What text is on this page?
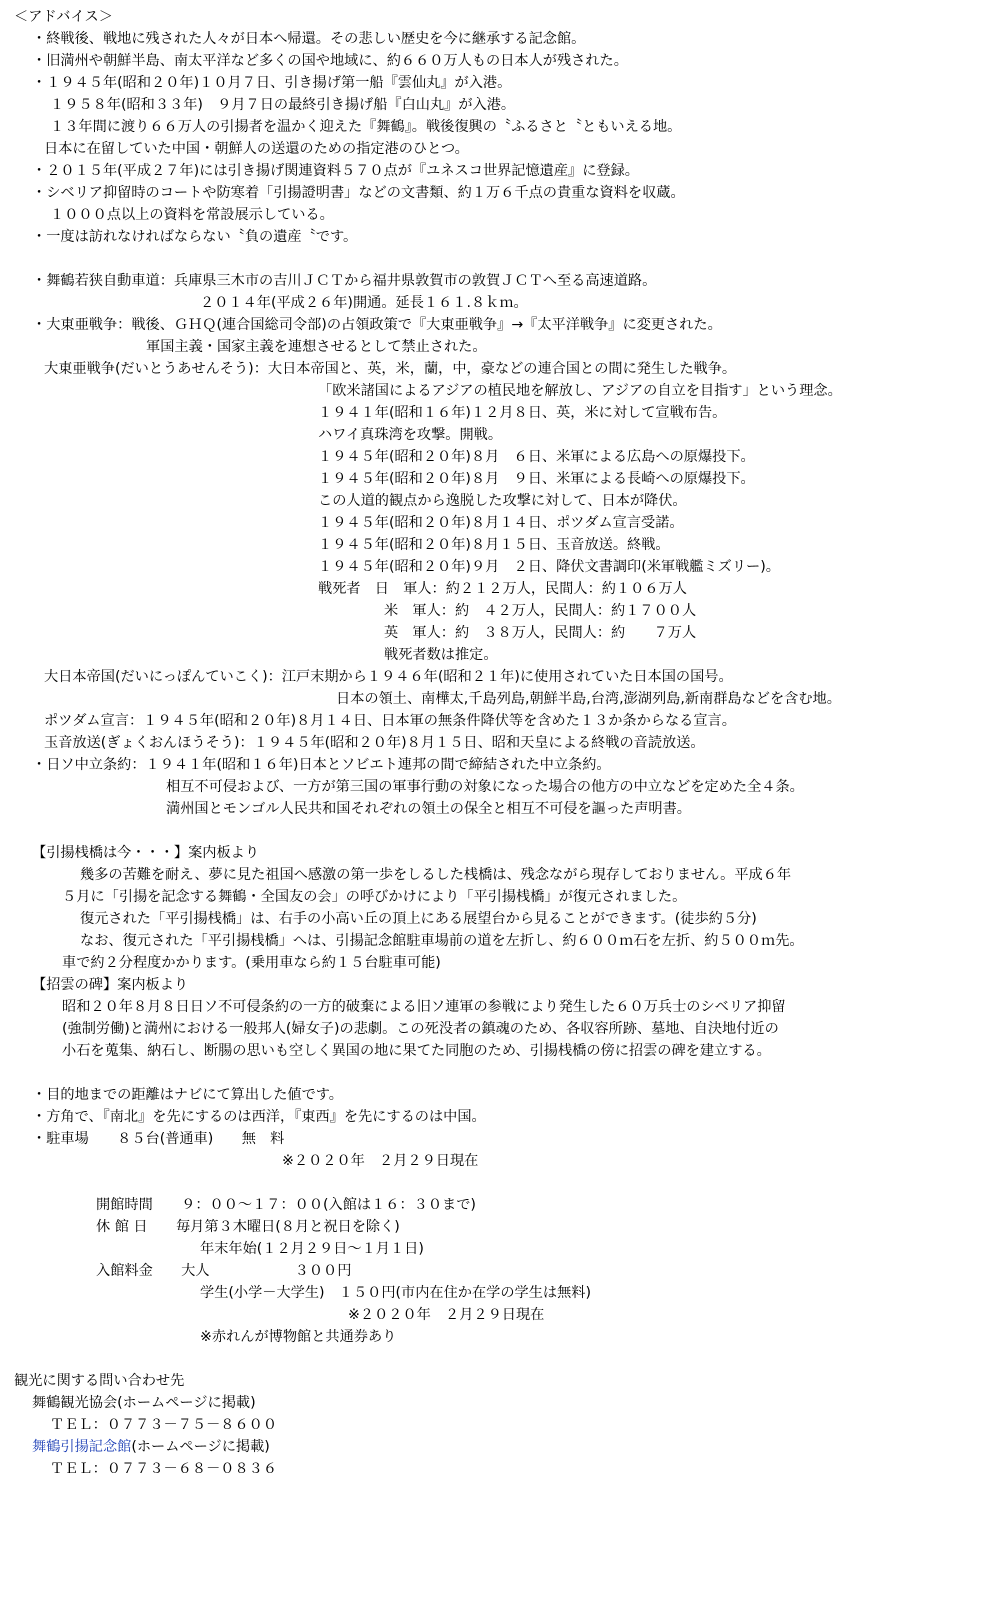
＜アドバイス＞
・終戦後、戦地に残された人々が日本へ帰還。その悲しい歴史を今に継承する記念館。
・旧満州や朝鮮半島、南太平洋など多くの国や地域に、約６６０万人もの日本人が残された。
・１９４５年(昭和２０年)１０月７日、引き揚げ第一船『雲仙丸』が入港。
１９５８年(昭和３３年)　９月７日の最終引き揚げ船『白山丸』が入港。
１３年間に渡り６６万人の引揚者を温かく迎えた『舞鶴』。戦後復興の〝ふるさと〝ともいえる地。
日本に在留していた中国・朝鮮人の送還のための指定港のひとつ。
・２０１５年(平成２７年)には引き揚げ関連資料５７０点が『ユネスコ世界記憶遺産』に登録。
・シベリア抑留時のコートや防寒着「引揚證明書」などの文書類、約１万６千点の貴重な資料を収蔵。
１０００点以上の資料を常設展示している。
・一度は訪れなければならない〝負の遺産〝です。
・舞鶴若狭自動車道：兵庫県三木市の吉川ＪＣＴから福井県敦賀市の敦賀ＪＣＴへ至る高速道路。
２０１４年(平成２６年)開通。延長１６１.８ｋｍ。
・大東亜戦争：戦後、ＧＨＱ(連合国総司令部)の占領政策で『大東亜戦争』→『太平洋戦争』に変更された。
軍国主義・国家主義を連想させるとして禁止された。
大東亜戦争(だいとうあせんそう)：大日本帝国と、英，米，蘭，中，豪などの連合国との間に発生した戦争。
「欧米諸国によるアジアの植民地を解放し、アジアの自立を目指す」という理念。
１９４１年(昭和１６年)１２月８日、英，米に対して宣戦布告。
ハワイ真珠湾を攻撃。開戦。
１９４５年(昭和２０年)８月　６日、米軍による広島への原爆投下。
１９４５年(昭和２０年)８月　９日、米軍による長崎への原爆投下。
この人道的観点から逸脱した攻撃に対して、日本が降伏。
１９４５年(昭和２０年)８月１４日、ポツダム宣言受諾。
１９４５年(昭和２０年)８月１５日、玉音放送。終戦。
１９４５年(昭和２０年)９月　２日、降伏文書調印(米軍戦艦ミズリー)。
戦死者　日　軍人：約２１２万人，民間人：約１０６万人
米　軍人：約　４２万人，民間人：約１７００人
英　軍人：約　３８万人，民間人：約　　７万人
戦死者数は推定。
大日本帝国(だいにっぽんていこく)：江戸末期から１９４６年(昭和２１年)に使用されていた日本国の国号。
日本の領土、南樺太,千島列島,朝鮮半島,台湾,澎湖列島,新南群島などを含む地。
ポツダム宣言：１９４５年(昭和２０年)８月１４日、日本軍の無条件降伏等を含めた１３か条からなる宣言。
玉音放送(ぎょくおんほうそう)：１９４５年(昭和２０年)８月１５日、昭和天皇による終戦の音読放送。
・日ソ中立条約：１９４１年(昭和１６年)日本とソビエト連邦の間で締結された中立条約。
相互不可侵および、一方が第三国の軍事行動の対象になった場合の他方の中立などを定めた全４条。
満州国とモンゴル人民共和国それぞれの領土の保全と相互不可侵を謳った声明書。
【引揚桟橋は今・・・】案内板より
幾多の苦難を耐え、夢に見た祖国へ感激の第一歩をしるした桟橋は、残念ながら現存しておりません。平成６年
５月に「引揚を記念する舞鶴・全国友の会」の呼びかけにより「平引揚桟橋」が復元されました。
復元された「平引揚桟橋」は、右手の小高い丘の頂上にある展望台から見ることができます。(徒歩約５分)
なお、復元された「平引揚桟橋」へは、引揚記念館駐車場前の道を左折し、約６００ｍ石を左折、約５００ｍ先。
車で約２分程度かかります。(乗用車なら約１５台駐車可能)
【招雲の碑】案内板より
昭和２０年８月８日日ソ不可侵条約の一方的破棄による旧ソ連軍の参戦により発生した６０万兵士のシベリア抑留
(強制労働)と満州における一般邦人(婦女子)の悲劇。この死没者の鎮魂のため、各収容所跡、墓地、自決地付近の
小石を蒐集、納石し、断腸の思いも空しく異国の地に果てた同胞のため、引揚桟橋の傍に招雲の碑を建立する。
・目的地までの距離はナビにて算出した値です。
・方角で、『南北』を先にするのは西洋，『東西』を先にするのは中国。
・駐車場　　８５台(普通車)　　無　料
※２０２０年　２月２９日現在
開館時間　　９：００～１７：００(入館は１６：３０まで)
休 館 日　　毎月第３木曜日(８月と祝日を除く)
年末年始(１２月２９日～１月１日)
入館料金　　大人　　　　　　３００円
学生(小学－大学生)　１５０円(市内在住か在学の学生は無料)
※２０２０年　２月２９日現在
※赤れんが博物館と共通券あり
観光に関する問い合わせ先
舞鶴観光協会(ホームページに掲載)
ＴＥＬ：０７７３－７５－８６００
舞鶴引揚記念館(ホームページに掲載)
ＴＥＬ：０７７３－６８－０８３６
